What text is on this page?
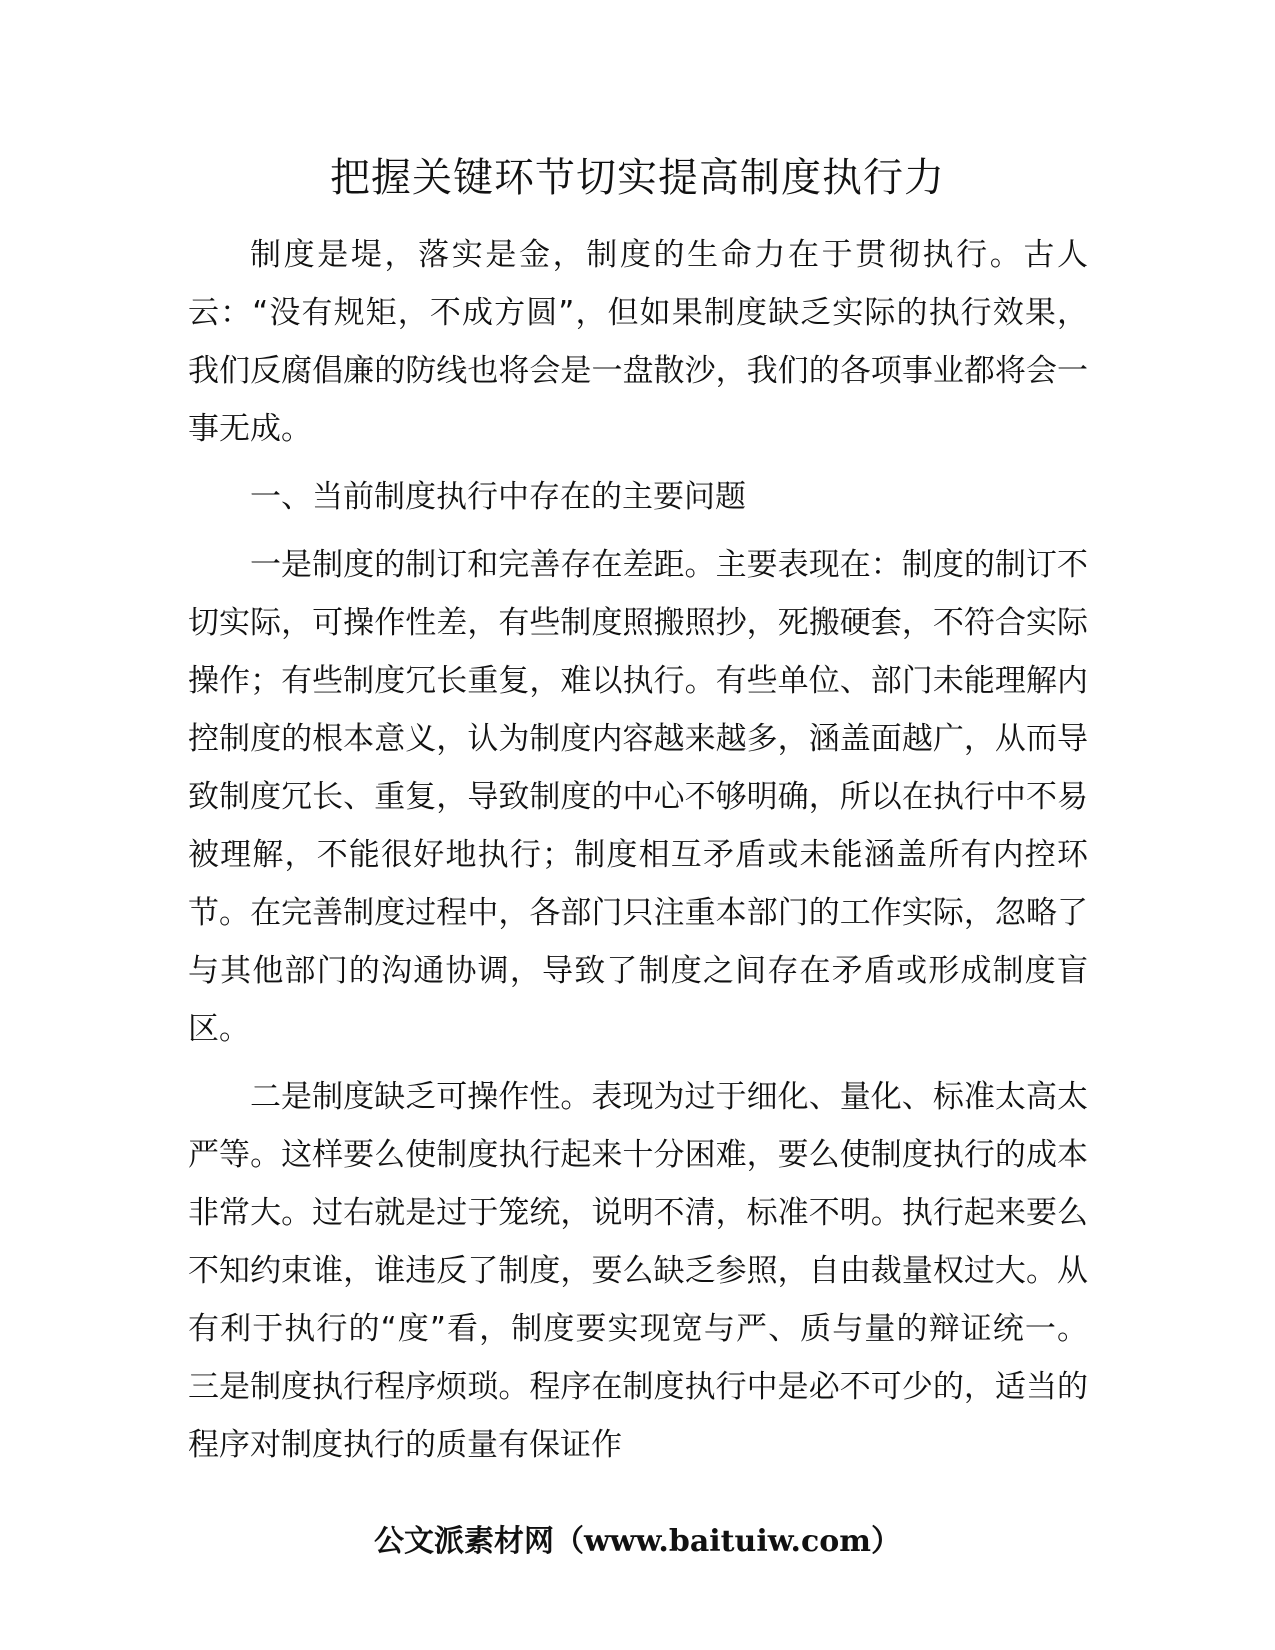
把握关键环节切实提高制度执行力

制度是堤，落实是金，制度的生命力在于贯彻执行。古人云：“没有规矩，不成方圆”，但如果制度缺乏实际的执行效果，我们反腐倡廉的防线也将会是一盘散沙，我们的各项事业都将会一事无成。

一、当前制度执行中存在的主要问题

一是制度的制订和完善存在差距。主要表现在：制度的制订不切实际，可操作性差，有些制度照搬照抄，死搬硬套，不符合实际操作；有些制度冗长重复，难以执行。有些单位、部门未能理解内控制度的根本意义，认为制度内容越来越多，涵盖面越广，从而导致制度冗长、重复，导致制度的中心不够明确，所以在执行中不易被理解，不能很好地执行；制度相互矛盾或未能涵盖所有内控环节。在完善制度过程中，各部门只注重本部门的工作实际，忽略了与其他部门的沟通协调，导致了制度之间存在矛盾或形成制度盲区。

二是制度缺乏可操作性。表现为过于细化、量化、标准太高太严等。这样要么使制度执行起来十分困难，要么使制度执行的成本非常大。过右就是过于笼统，说明不清，标准不明。执行起来要么不知约束谁，谁违反了制度，要么缺乏参照，自由裁量权过大。从有利于执行的“度”看，制度要实现宽与严、质与量的辩证统一。三是制度执行程序烦琐。程序在制度执行中是必不可少的，适当的程序对制度执行的质量有保证作

公文派素材网（www.baituiw.com）
